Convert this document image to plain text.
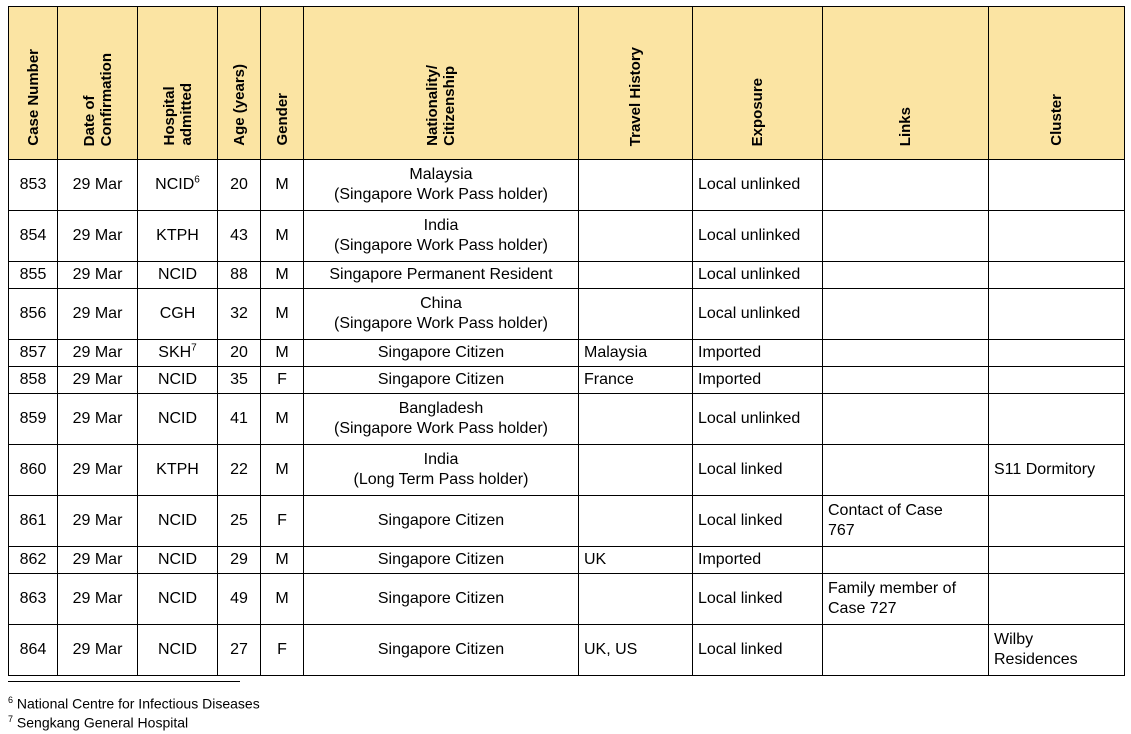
Case Number	Date of Confirmation	Hospital admitted	Age (years)	Gender	Nationality/ Citizenship	Travel History	Exposure	Links	Cluster

853	29 Mar	NCID$^6$	20	M	Malaysia
(Singapore Work Pass holder)		Local unlinked	

854	29 Mar	KTPH	43	M	India
(Singapore Work Pass holder)		Local unlinked	

855	29 Mar	NCID	88	M	Singapore Permanent Resident		Local unlinked	

856	29 Mar	CGH	32	M	China
(Singapore Work Pass holder)		Local unlinked	

857	29 Mar	SKH$^7$	20	M	Singapore Citizen	Malaysia	Imported	

858	29 Mar	NCID	35	F	Singapore Citizen	France	Imported	

859	29 Mar	NCID	41	M	Bangladesh
(Singapore Work Pass holder)		Local unlinked	

860	29 Mar	KTPH	22	M	India
(Long Term Pass holder)		Local linked		S11 Dormitory

861	29 Mar	NCID	25	F	Singapore Citizen		Local linked	Contact of Case
767	

862	29 Mar	NCID	29	M	Singapore Citizen	UK	Imported	

863	29 Mar	NCID	49	M	Singapore Citizen		Local linked	Family member of
Case 727	

864	29 Mar	NCID	27	F	Singapore Citizen	UK, US	Local linked		Wilby
Residences
$^6$ National Centre for Infectious Diseases
$^7$ Sengkang General Hospital
